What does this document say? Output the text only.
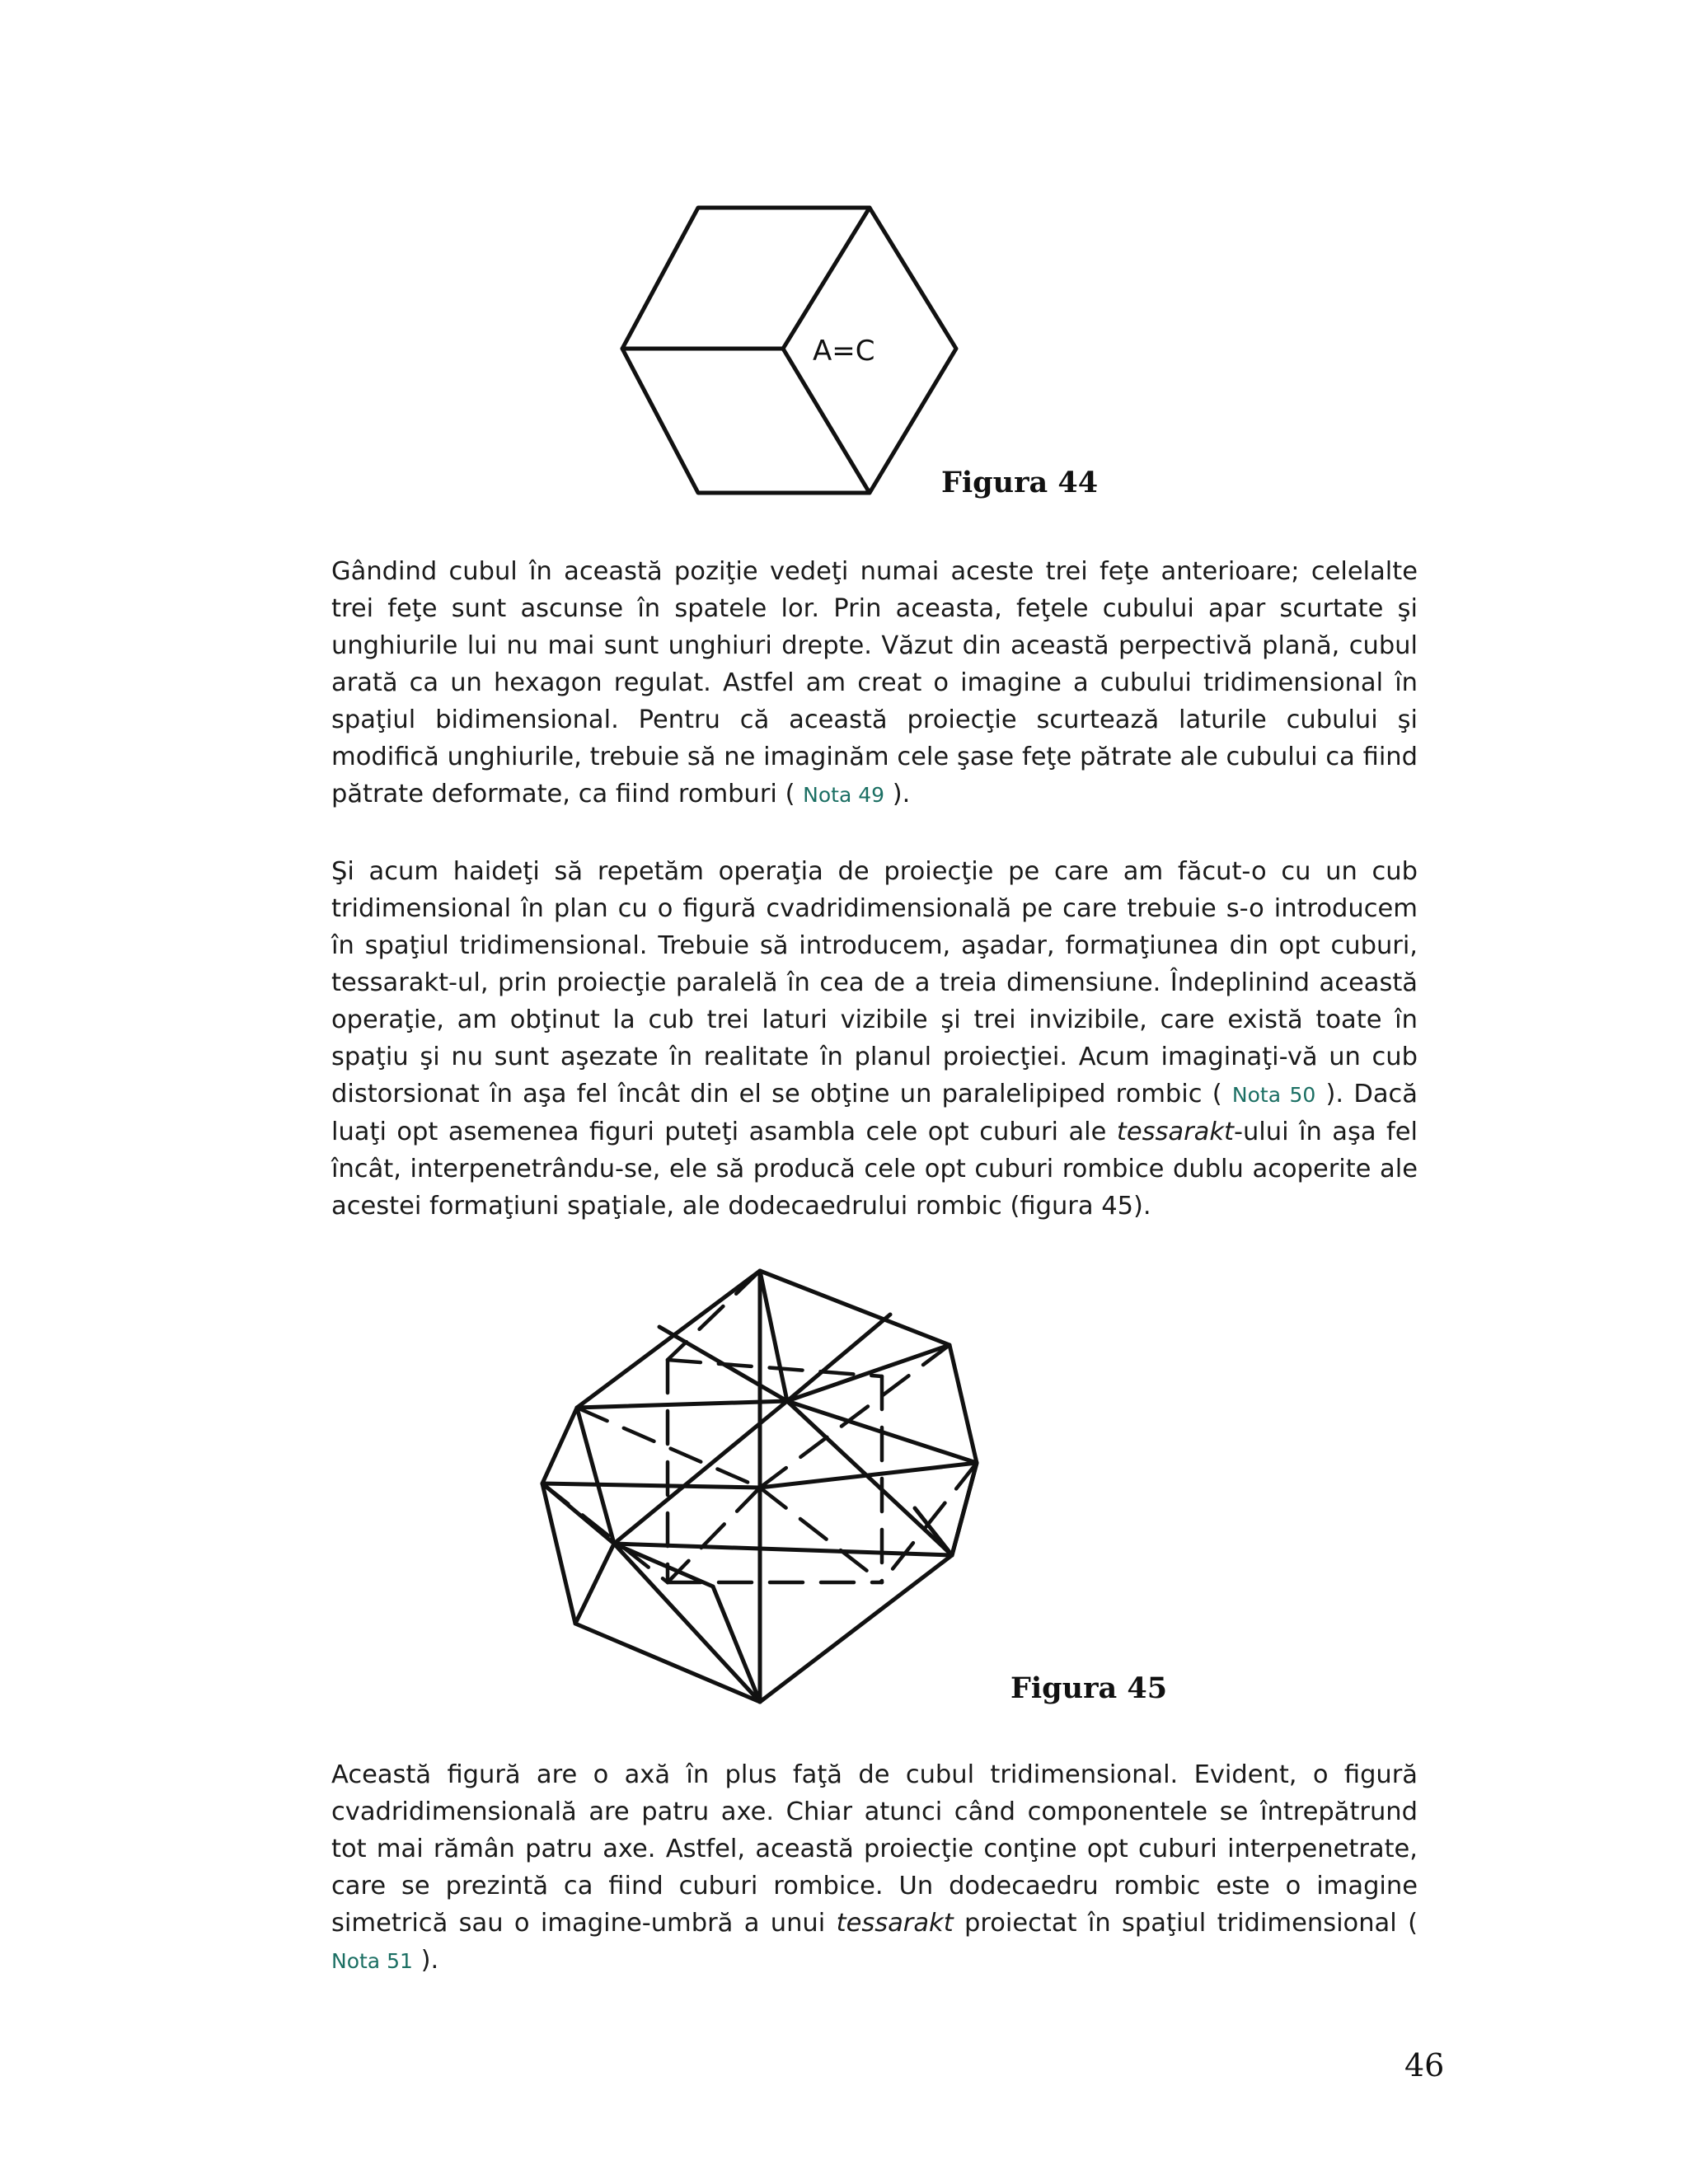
A=C
Figura 44

Gândind cubul în această poziţie vedeţi numai aceste trei feţe anterioare; celelalte trei feţe sunt ascunse în spatele lor. Prin aceasta, feţele cubului apar scurtate şi unghiurile lui nu mai sunt unghiuri drepte. Văzut din această perpectivă plană, cubul arată ca un hexagon regulat. Astfel am creat o imagine a cubului tridimensional în spaţiul bidimensional. Pentru că această proiecţie scurtează laturile cubului şi modifică unghiurile, trebuie să ne imaginăm cele şase feţe pătrate ale cubului ca fiind pătrate deformate, ca fiind romburi ( Nota 49 ).

Şi acum haideţi să repetăm operaţia de proiecţie pe care am făcut-o cu un cub tridimensional în plan cu o figură cvadridimensională pe care trebuie s-o introducem în spaţiul tridimensional. Trebuie să introducem, aşadar, formaţiunea din opt cuburi, tessarakt-ul, prin proiecţie paralelă în cea de a treia dimensiune. Îndeplinind această operaţie, am obţinut la cub trei laturi vizibile şi trei invizibile, care există toate în spaţiu şi nu sunt aşezate în realitate în planul proiecţiei. Acum imaginaţi-vă un cub distorsionat în aşa fel încât din el se obţine un paralelipiped rombic ( Nota 50 ). Dacă luaţi opt asemenea figuri puteţi asambla cele opt cuburi ale tessarakt-ului în aşa fel încât, interpenetrându-se, ele să producă cele opt cuburi rombice dublu acoperite ale acestei formaţiuni spaţiale, ale dodecaedrului rombic (figura 45).

Figura 45

Această figură are o axă în plus faţă de cubul tridimensional. Evident, o figură cvadridimensională are patru axe. Chiar atunci când componentele se întrepătrund tot mai rămân patru axe. Astfel, această proiecţie conţine opt cuburi interpenetrate, care se prezintă ca fiind cuburi rombice. Un dodecaedru rombic este o imagine simetrică sau o imagine-umbră a unui tessarakt proiectat în spaţiul tridimensional ( Nota 51 ).

46
